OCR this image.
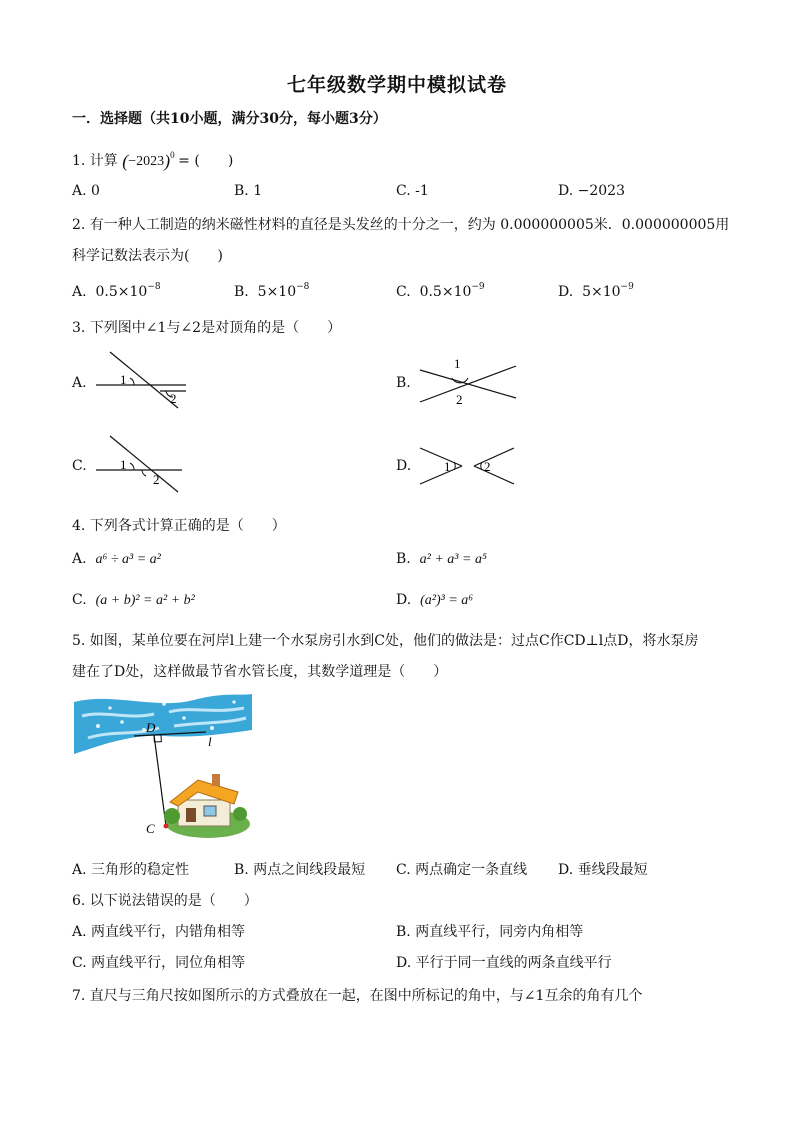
七年级数学期中模拟试卷
一．选择题（共10小题，满分30分，每小题3分）
1. 计算 $(-2023)^0$ = (　　)
A. 0	B. 1	C. -1	D. −2023
2. 有一种人工制造的纳米磁性材料的直径是头发丝的十分之一，约为 0.000000005米．0.000000005用
科学记数法表示为(　　)
A. $0.5\times 10^{-8}$	B. $5\times 10^{-8}$	C. $0.5\times 10^{-9}$	D. $5\times 10^{-9}$
3. 下列图中∠1与∠2是对顶角的是（　　）
A.	1
2
B.
1
2
C.	1
2
D.	1	2
4. 下列各式计算正确的是（　　）
A. a⁶ ÷ a³ = a²	B. a² + a³ = a⁵
C. (a + b)² = a² + b²	D. (a²)³ = a⁶
5. 如图，某单位要在河岸l上建一个水泵房引水到C处，他们的做法是：过点C作CD⊥l点D，将水泵房
建在了D处，这样做最节省水管长度，其数学道理是（　　）
D
l
C
A. 三角形的稳定性	B. 两点之间线段最短 C. 两点确定一条直线 D. 垂线段最短
6. 以下说法错误的是（　　）
A. 两直线平行，内错角相等	B. 两直线平行，同旁内角相等
C. 两直线平行，同位角相等	D. 平行于同一直线的两条直线平行
7. 直尺与三角尺按如图所示的方式叠放在一起，在图中所标记的角中，与∠1互余的角有几个
